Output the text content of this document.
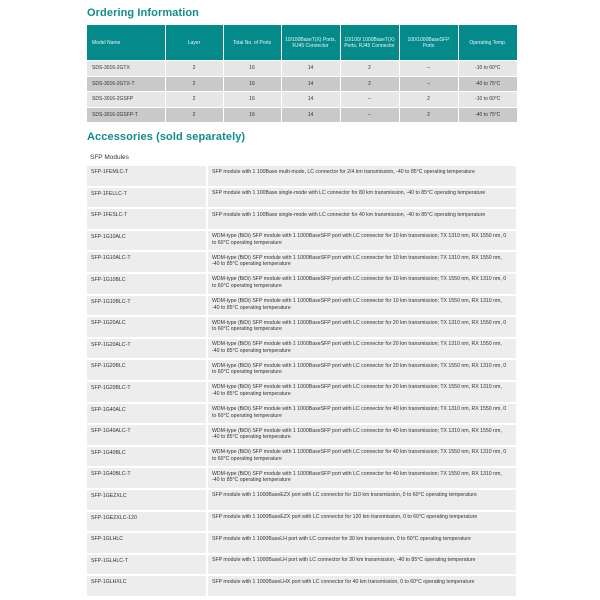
Ordering Information
Model Name	Layer	Total No. of Ports	10/100BaseT(X) Ports, RJ45 Connector	10/100/ 1000BaseT(X) Ports, RJ45 Connector	100/1000BaseSFP Ports	Operating Temp.
SDS-3016-2GTX	2	16	14	2	–	-10 to 60°C
SDS-3016-2GTX-T	2	16	14	2	–	-40 to 75°C
SDS-3016-2GSFP	2	16	14	–	2	-10 to 60°C
SDS-3016-2GSFP-T	2	16	14	–	2	-40 to 75°C
Accessories (sold separately)
SFP Modules
SFP-1FEMLC-T	SFP module with 1 100Base multi-mode, LC connector for 2/4 km transmission, -40 to 85°C operating temperature
SFP-1FELLC-T	SFP module with 1 100Base single-mode with LC connector for 80 km transmission, -40 to 85°C operating temperature
SFP-1FESLC-T	SFP module with 1 100Base single-mode with LC connector for 40 km transmission, -40 to 85°C operating temperature
SFP-1G10ALC	WDM-type (BiDi) SFP module with 1 1000BaseSFP port with LC connector for 10 km transmission; TX 1310 nm, RX 1550 nm, 0 to 60°C operating temperature
SFP-1G10ALC-T	WDM-type (BiDi) SFP module with 1 1000BaseSFP port with LC connector for 10 km transmission; TX 1310 nm, RX 1550 nm, -40 to 85°C operating temperature
SFP-1G10BLC	WDM-type (BiDi) SFP module with 1 1000BaseSFP port with LC connector for 10 km transmission; TX 1550 nm, RX 1310 nm, 0 to 60°C operating temperature
SFP-1G10BLC-T	WDM-type (BiDi) SFP module with 1 1000BaseSFP port with LC connector for 10 km transmission; TX 1550 nm, RX 1310 nm, -40 to 85°C operating temperature
SFP-1G20ALC	WDM-type (BiDi) SFP module with 1 1000BaseSFP port with LC connector for 20 km transmission; TX 1310 nm, RX 1550 nm, 0 to 60°C operating temperature
SFP-1G20ALC-T	WDM-type (BiDi) SFP module with 1 1000BaseSFP port with LC connector for 20 km transmission; TX 1310 nm, RX 1550 nm, -40 to 85°C operating temperature
SFP-1G20BLC	WDM-type (BiDi) SFP module with 1 1000BaseSFP port with LC connector for 20 km transmission; TX 1550 nm, RX 1310 nm, 0 to 60°C operating temperature
SFP-1G20BLC-T	WDM-type (BiDi) SFP module with 1 1000BaseSFP port with LC connector for 20 km transmission; TX 1550 nm, RX 1310 nm, -40 to 85°C operating temperature
SFP-1G40ALC	WDM-type (BiDi) SFP module with 1 1000BaseSFP port with LC connector for 40 km transmission; TX 1310 nm, RX 1550 nm, 0 to 60°C operating temperature
SFP-1G40ALC-T	WDM-type (BiDi) SFP module with 1 1000BaseSFP port with LC connector for 40 km transmission; TX 1310 nm, RX 1550 nm, -40 to 85°C operating temperature
SFP-1G40BLC	WDM-type (BiDi) SFP module with 1 1000BaseSFP port with LC connector for 40 km transmission; TX 1550 nm, RX 1310 nm, 0 to 60°C operating temperature
SFP-1G40BLC-T	WDM-type (BiDi) SFP module with 1 1000BaseSFP port with LC connector for 40 km transmission; TX 1550 nm, RX 1310 nm, -40 to 85°C operating temperature
SFP-1GEZXLC	SFP module with 1 1000BaseEZX port with LC connector for 110 km transmission, 0 to 60°C operating temperature
SFP-1GEZXLC-120	SFP module with 1 1000BaseEZX port with LC connector for 120 km transmission, 0 to 60°C operating temperature
SFP-1GLHLC	SFP module with 1 1000BaseLH port with LC connector for 30 km transmission, 0 to 60°C operating temperature
SFP-1GLHLC-T	SFP module with 1 1000BaseLH port with LC connector for 30 km transmission, -40 to 85°C operating temperature
SFP-1GLHXLC	SFP module with 1 1000BaseLHX port with LC connector for 40 km transmission, 0 to 60°C operating temperature
